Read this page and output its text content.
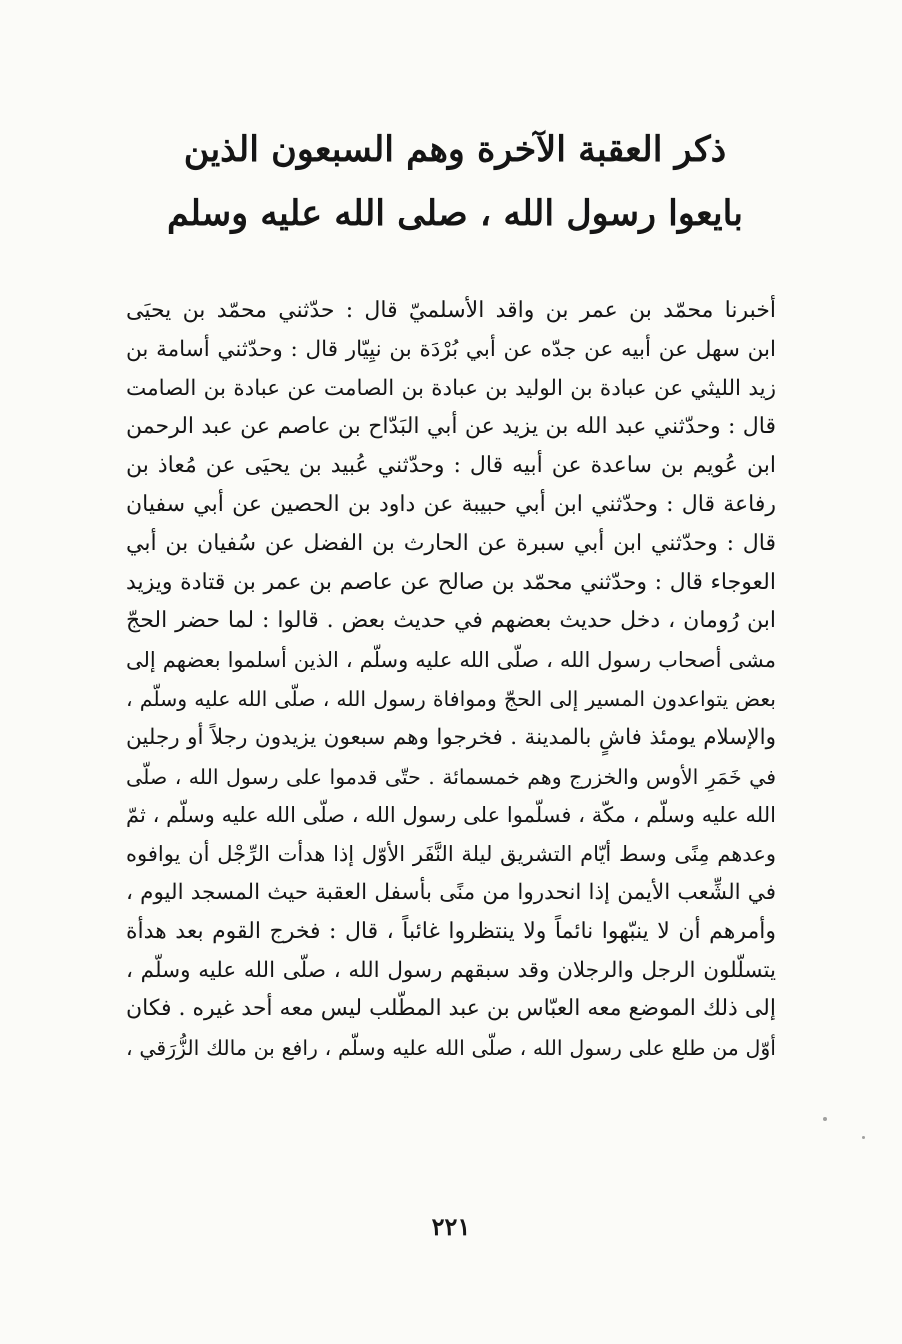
ذكر العقبة الآخرة وهم السبعون الذين
بايعوا رسول الله ، صلى الله عليه وسلم
أخبرنا محمّد بن عمر بن واقد الأسلميّ قال : حدّثني محمّد بن يحيَى
ابن سهل عن أبيه عن جدّه عن أبي بُرْدَة بن نيِيّار قال : وحدّثني أسامة بن
زيد الليثي عن عبادة بن الوليد بن عبادة بن الصامت عن عبادة بن الصامت
قال : وحدّثني عبد الله بن يزيد عن أبي البَدّاح بن عاصم عن عبد الرحمن
ابن عُويم بن ساعدة عن أبيه قال : وحدّثني عُبيد بن يحيَى عن مُعاذ بن
رفاعة قال : وحدّثني ابن أبي حبيبة عن داود بن الحصين عن أبي سفيان
قال : وحدّثني ابن أبي سبرة عن الحارث بن الفضل عن سُفيان بن أبي
العوجاء قال : وحدّثني محمّد بن صالح عن عاصم بن عمر بن قتادة ويزيد
ابن رُومان ، دخل حديث بعضهم في حديث بعض . قالوا : لما حضر الحجّ
مشى أصحاب رسول الله ، صلّى الله عليه وسلّم ، الذين أسلموا بعضهم إلى
بعض يتواعدون المسير إلى الحجّ وموافاة رسول الله ، صلّى الله عليه وسلّم ،
والإسلام يومئذ فاشٍ بالمدينة . فخرجوا وهم سبعون يزيدون رجلاً أو رجلين
في خَمَرِ الأوس والخزرج وهم خمسمائة . حتّى قدموا على رسول الله ، صلّى
الله عليه وسلّم ، مكّة ، فسلّموا على رسول الله ، صلّى الله عليه وسلّم ، ثمّ
وعدهم مِنًى وسط أيّام التشريق ليلة النَّفَر الأوّل إذا هدأت الرِّجْل أن يوافوه
في الشِّعب الأيمن إذا انحدروا من منًى بأسفل العقبة حيث المسجد اليوم ،
وأمرهم أن لا ينبّهوا نائماً ولا ينتظروا غائباً ، قال : فخرج القوم بعد هدأة
يتسلّلون الرجل والرجلان وقد سبقهم رسول الله ، صلّى الله عليه وسلّم ،
إلى ذلك الموضع معه العبّاس بن عبد المطّلب ليس معه أحد غيره . فكان
أوّل من طلع على رسول الله ، صلّى الله عليه وسلّم ، رافع بن مالك الزُّرَقي ،
٢٢١
